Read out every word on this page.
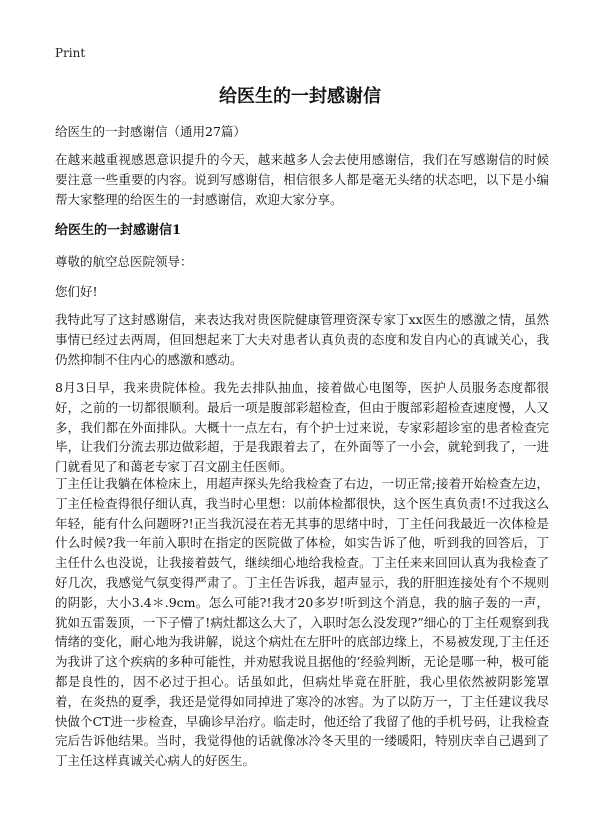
Print
给医生的一封感谢信

给医生的一封感谢信（通用27篇）

在越来越重视感恩意识提升的今天，越来越多人会去使用感谢信，我们在写感谢信的时候要注意一些重要的内容。说到写感谢信，相信很多人都是毫无头绪的状态吧，以下是小编帮大家整理的给医生的一封感谢信，欢迎大家分享。

给医生的一封感谢信1

尊敬的航空总医院领导：

您们好!

我特此写了这封感谢信，来表达我对贵医院健康管理资深专家丁xx医生的感激之情，虽然事情已经过去两周，但回想起来丁大夫对患者认真负责的态度和发自内心的真诚关心，我仍然抑制不住内心的感激和感动。

8月3日早，我来贵院体检。我先去排队抽血，接着做心电图等，医护人员服务态度都很好，之前的一切都很顺利。最后一项是腹部彩超检查，但由于腹部彩超检查速度慢，人又多，我们都在外面排队。大概十一点左右，有个护士过来说，专家彩超诊室的患者检查完毕，让我们分流去那边做彩超，于是我跟着去了，在外面等了一小会，就轮到我了，一进门就看见了和蔼老专家丁召文副主任医师。

丁主任让我躺在体检床上，用超声探头先给我检查了右边，一切正常;接着开始检查左边，丁主任检查得很仔细认真，我当时心里想：以前体检都很快，这个医生真负责!不过我这么年轻，能有什么问题呀?!正当我沉浸在若无其事的思绪中时，丁主任问我最近一次体检是什么时候?我一年前入职时在指定的医院做了体检，如实告诉了他，听到我的回答后，丁主任什么也没说，让我接着鼓气，继续细心地给我检查。丁主任来来回回认真为我检查了好几次，我感觉气氛变得严肃了。丁主任告诉我，超声显示，我的肝胆连接处有个不规则的阴影，大小3.4＊.9cm。怎么可能?!我才20多岁!听到这个消息，我的脑子轰的一声，犹如五雷轰顶，一下子懵了!病灶都这么大了，入职时怎么没发现?”细心的丁主任观察到我情绪的变化，耐心地为我讲解，说这个病灶在左肝叶的底部边缘上，不易被发现,丁主任还为我讲了这个疾病的多种可能性，并劝慰我说且据他的’经验判断，无论是哪一种，极可能都是良性的，因不必过于担心。话虽如此，但病灶毕竟在肝脏，我心里依然被阴影笼罩着，在炎热的夏季，我还是觉得如同掉进了寒冷的冰窖。为了以防万一，丁主任建议我尽快做个CT进一步检查，早确诊早治疗。临走时，他还给了我留了他的手机号码，让我检查完后告诉他结果。当时，我觉得他的话就像冰冷冬天里的一缕暖阳，特别庆幸自己遇到了丁主任这样真诚关心病人的好医生。
